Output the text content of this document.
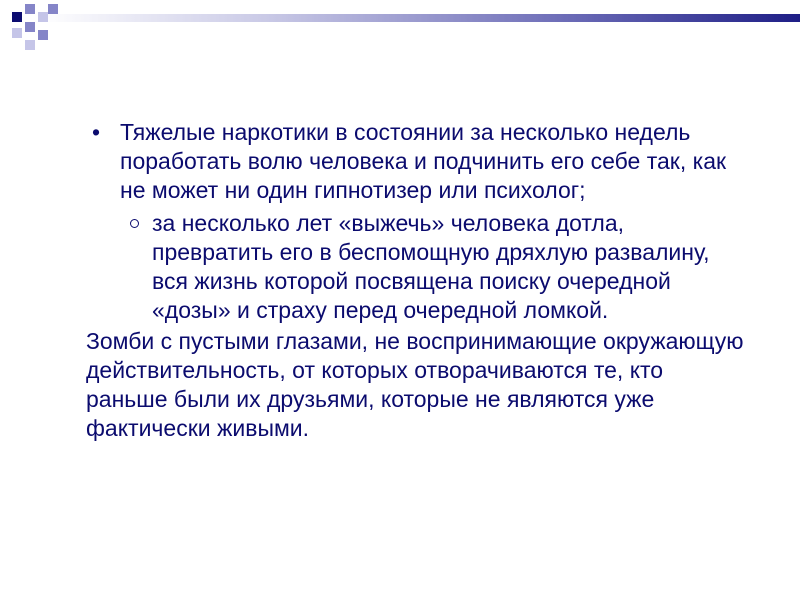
• Тяжелые наркотики в состоянии за несколько недель поработать волю человека и подчинить его себе так, как не может ни один гипнотизер или психолог;
за несколько лет «выжечь» человека дотла, превратить его в беспомощную дряхлую развалину, вся жизнь которой посвящена поиску очередной «дозы» и страху перед очередной ломкой.

Зомби с пустыми глазами, не воспринимающие окружающую действительность, от которых отворачиваются те, кто раньше были их друзьями, которые не являются уже фактически живыми.
